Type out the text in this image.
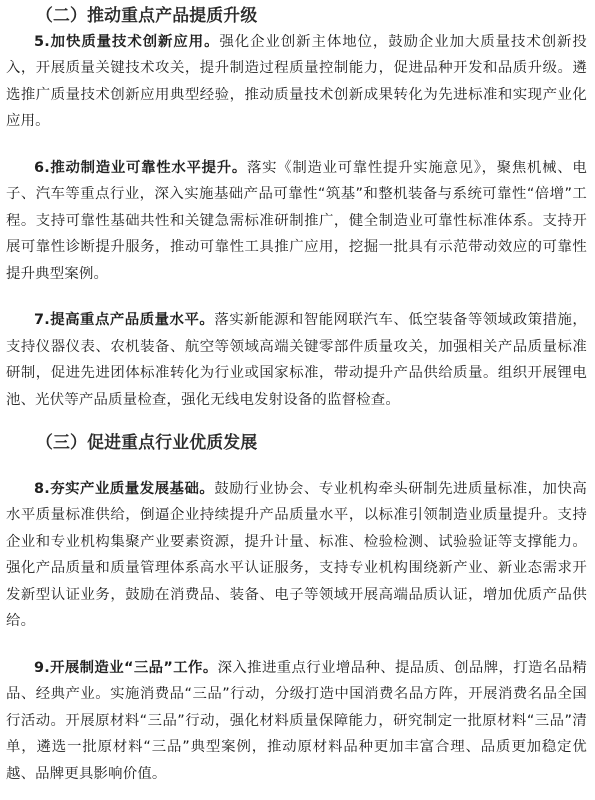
（二）推动重点产品提质升级

5.加快质量技术创新应用。强化企业创新主体地位，鼓励企业加大质量技术创新投入，开展质量关键技术攻关，提升制造过程质量控制能力，促进品种开发和品质升级。遴选推广质量技术创新应用典型经验，推动质量技术创新成果转化为先进标准和实现产业化应用。

6.推动制造业可靠性水平提升。落实《制造业可靠性提升实施意见》，聚焦机械、电子、汽车等重点行业，深入实施基础产品可靠性“筑基”和整机装备与系统可靠性“倍增”工程。支持可靠性基础共性和关键急需标准研制推广，健全制造业可靠性标准体系。支持开展可靠性诊断提升服务，推动可靠性工具推广应用，挖掘一批具有示范带动效应的可靠性提升典型案例。

7.提高重点产品质量水平。落实新能源和智能网联汽车、低空装备等领域政策措施，支持仪器仪表、农机装备、航空等领域高端关键零部件质量攻关，加强相关产品质量标准研制，促进先进团体标准转化为行业或国家标准，带动提升产品供给质量。组织开展锂电池、光伏等产品质量检查，强化无线电发射设备的监督检查。

（三）促进重点行业优质发展

8.夯实产业质量发展基础。鼓励行业协会、专业机构牵头研制先进质量标准，加快高水平质量标准供给，倒逼企业持续提升产品质量水平，以标准引领制造业质量提升。支持企业和专业机构集聚产业要素资源，提升计量、标准、检验检测、试验验证等支撑能力。强化产品质量和质量管理体系高水平认证服务，支持专业机构围绕新产业、新业态需求开发新型认证业务，鼓励在消费品、装备、电子等领域开展高端品质认证，增加优质产品供给。

9.开展制造业“三品”工作。深入推进重点行业增品种、提品质、创品牌，打造名品精品、经典产业。实施消费品“三品”行动，分级打造中国消费名品方阵，开展消费名品全国行活动。开展原材料“三品”行动，强化材料质量保障能力，研究制定一批原材料“三品”清单，遴选一批原材料“三品”典型案例，推动原材料品种更加丰富合理、品质更加稳定优越、品牌更具影响价值。
